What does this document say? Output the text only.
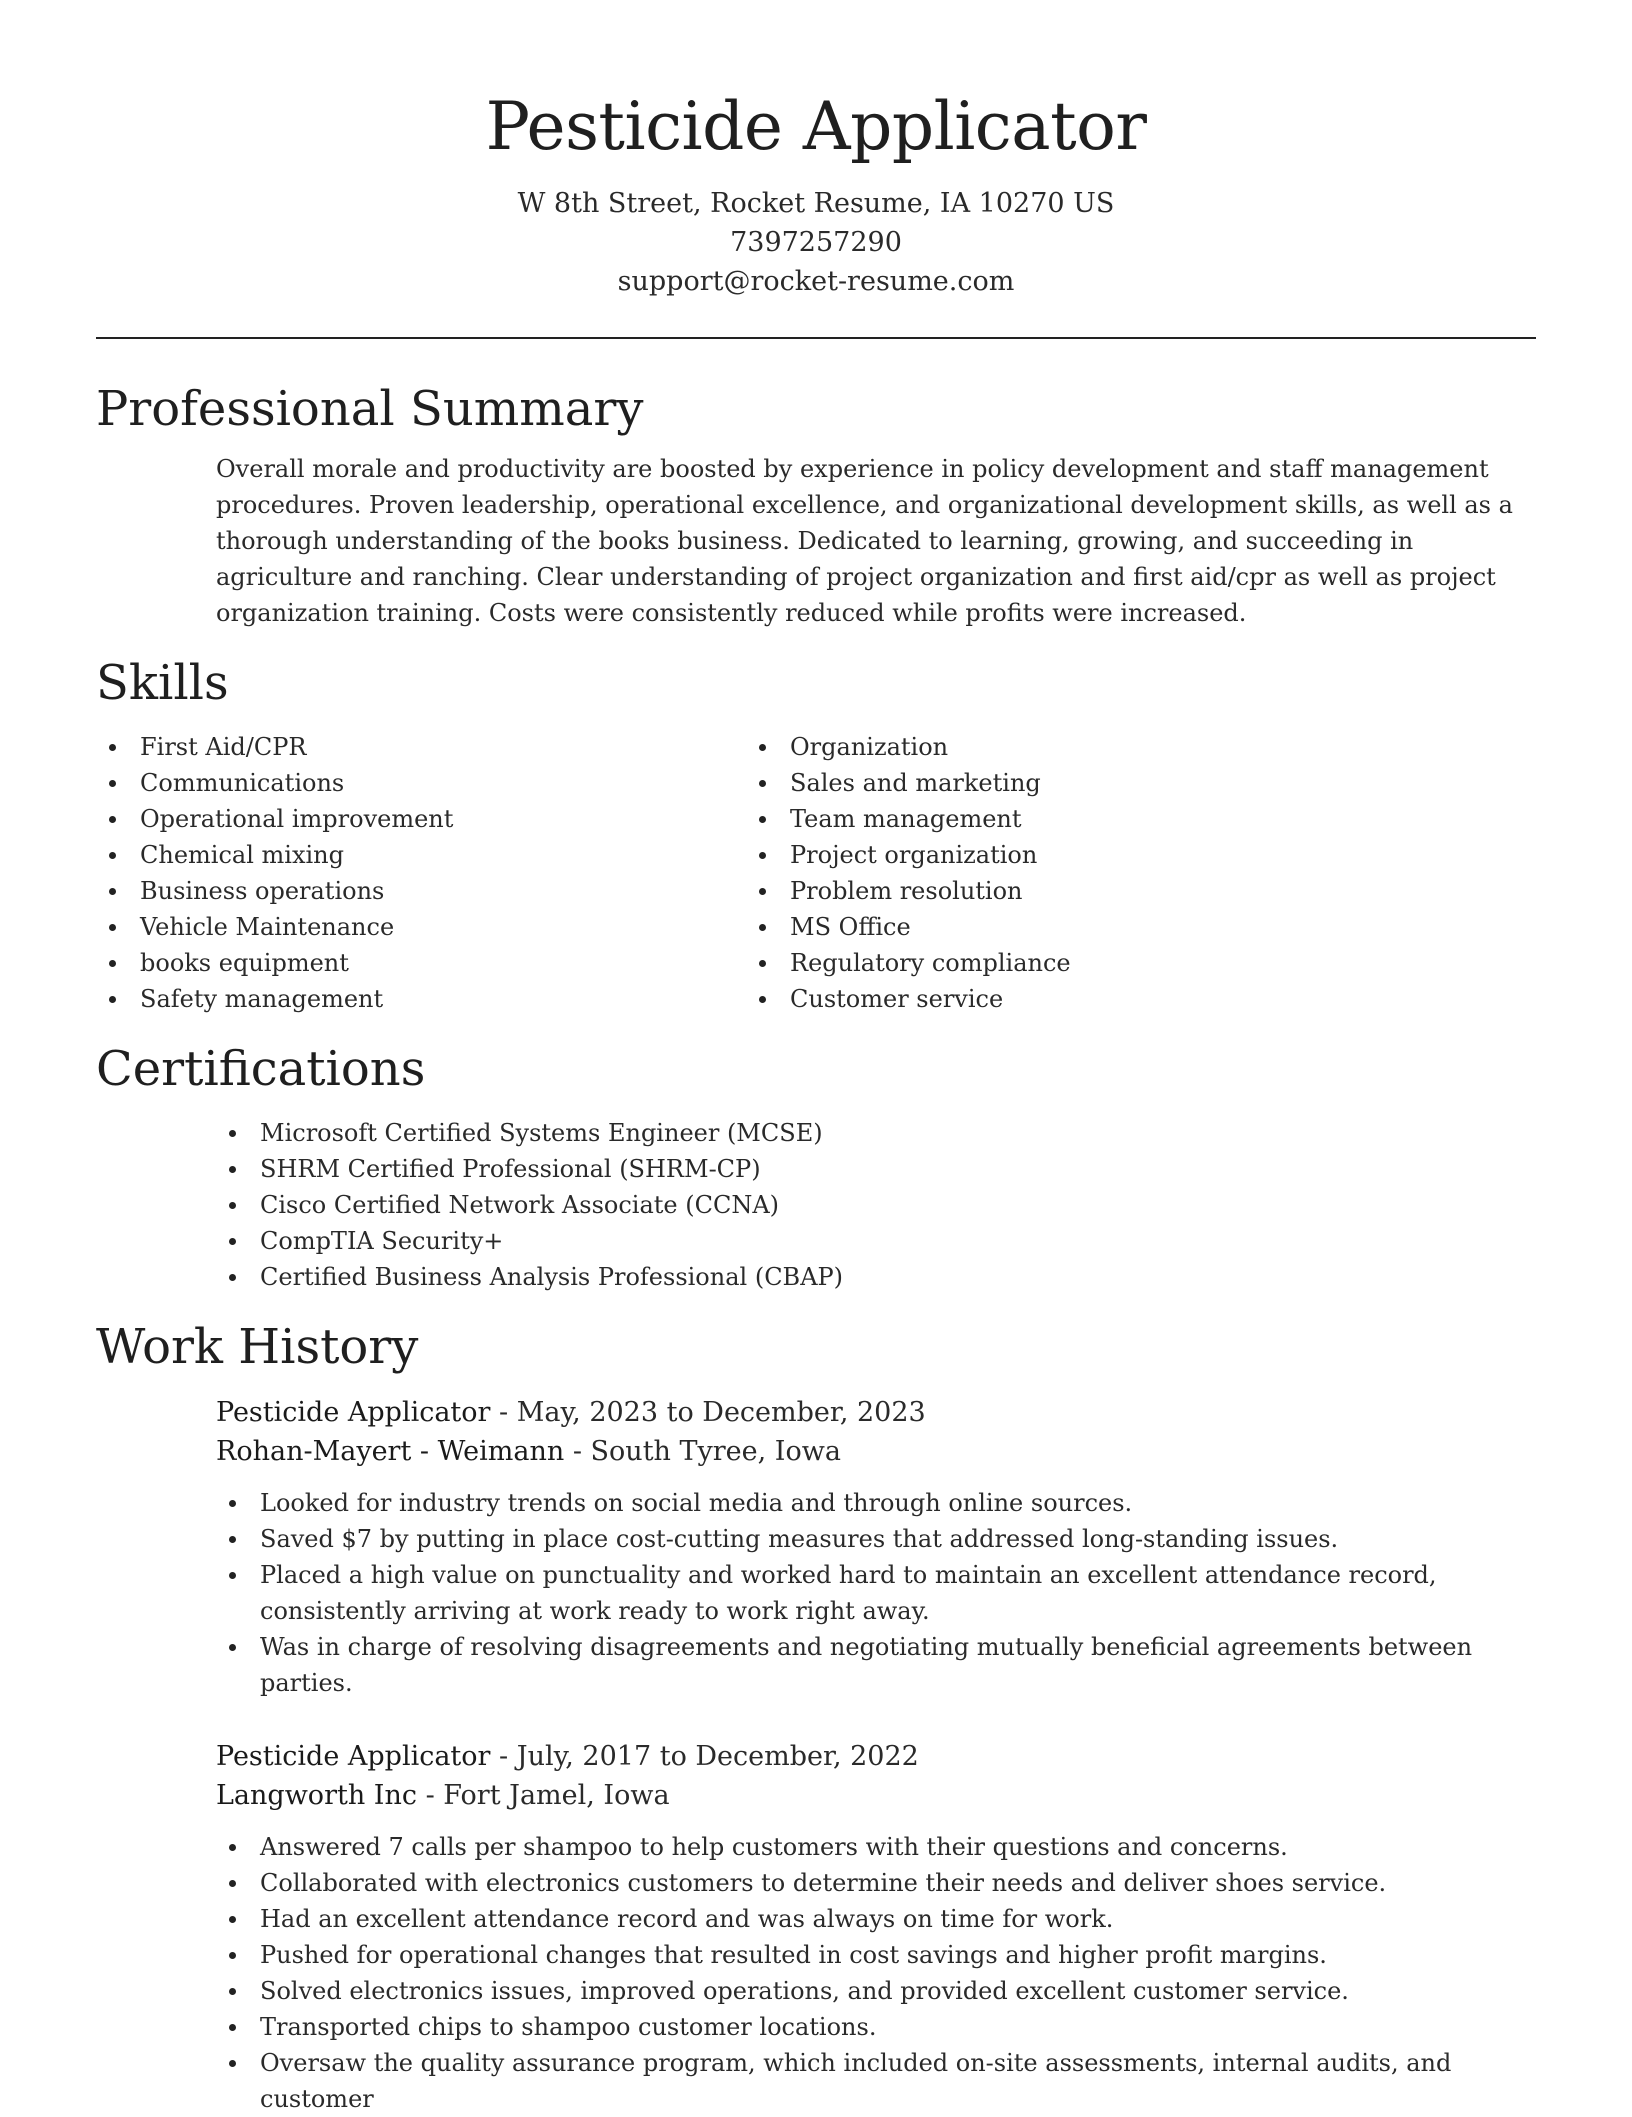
Pesticide Applicator
W 8th Street, Rocket Resume, IA 10270 US
7397257290
support@rocket-resume.com
Professional Summary

Overall morale and productivity are boosted by experience in policy development and staff management procedures. Proven leadership, operational excellence, and organizational development skills, as well as a thorough understanding of the books business. Dedicated to learning, growing, and succeeding in agriculture and ranching. Clear understanding of project organization and first aid/cpr as well as project organization training. Costs were consistently reduced while profits were increased.

Skills
First Aid/CPR
Communications
Operational improvement
Chemical mixing
Business operations
Vehicle Maintenance
books equipment
Safety management
Organization
Sales and marketing
Team management
Project organization
Problem resolution
MS Office
Regulatory compliance
Customer service
Certifications
Microsoft Certified Systems Engineer (MCSE)
SHRM Certified Professional (SHRM-CP)
Cisco Certified Network Associate (CCNA)
CompTIA Security+
Certified Business Analysis Professional (CBAP)
Work History
Pesticide Applicator - May, 2023 to December, 2023
Rohan-Mayert - Weimann - South Tyree, Iowa
Looked for industry trends on social media and through online sources.
Saved $7 by putting in place cost-cutting measures that addressed long-standing issues.
Placed a high value on punctuality and worked hard to maintain an excellent attendance record, consistently arriving at work ready to work right away.
Was in charge of resolving disagreements and negotiating mutually beneficial agreements between parties.
Pesticide Applicator - July, 2017 to December, 2022
Langworth Inc - Fort Jamel, Iowa
Answered 7 calls per shampoo to help customers with their questions and concerns.
Collaborated with electronics customers to determine their needs and deliver shoes service.
Had an excellent attendance record and was always on time for work.
Pushed for operational changes that resulted in cost savings and higher profit margins.
Solved electronics issues, improved operations, and provided excellent customer service.
Transported chips to shampoo customer locations.
Oversaw the quality assurance program, which included on-site assessments, internal audits, and customer
